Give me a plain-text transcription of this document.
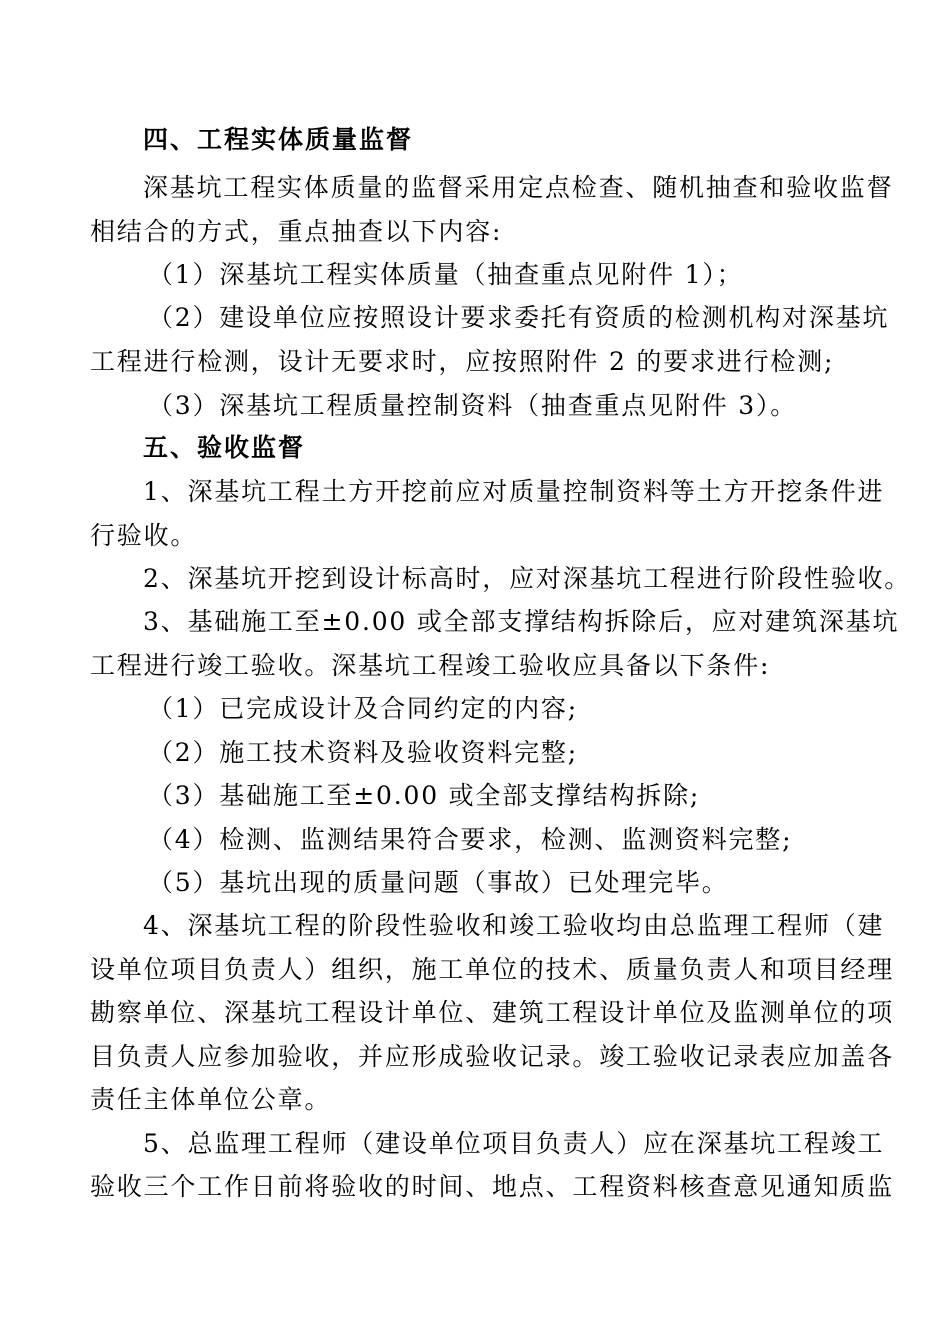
四、工程实体质量监督
深基坑工程实体质量的监督采用定点检查、随机抽查和验收监督
相结合的方式，重点抽查以下内容:
（1）深基坑工程实体质量（抽查重点见附件 1）；
（2）建设单位应按照设计要求委托有资质的检测机构对深基坑
工程进行检测，设计无要求时，应按照附件 2 的要求进行检测;
（3）深基坑工程质量控制资料（抽查重点见附件 3）。
五、验收监督
1、深基坑工程土方开挖前应对质量控制资料等土方开挖条件进
行验收。
2、深基坑开挖到设计标高时，应对深基坑工程进行阶段性验收。
3、基础施工至±0.00 或全部支撑结构拆除后，应对建筑深基坑
工程进行竣工验收。深基坑工程竣工验收应具备以下条件:
（1）已完成设计及合同约定的内容;
（2）施工技术资料及验收资料完整;
（3）基础施工至±0.00 或全部支撑结构拆除;
（4）检测、监测结果符合要求，检测、监测资料完整;
（5）基坑出现的质量问题（事故）已处理完毕。
4、深基坑工程的阶段性验收和竣工验收均由总监理工程师（建
设单位项目负责人）组织，施工单位的技术、质量负责人和项目经理
勘察单位、深基坑工程设计单位、建筑工程设计单位及监测单位的项
目负责人应参加验收，并应形成验收记录。竣工验收记录表应加盖各
责任主体单位公章。
5、总监理工程师（建设单位项目负责人）应在深基坑工程竣工
验收三个工作日前将验收的时间、地点、工程资料核查意见通知质监
